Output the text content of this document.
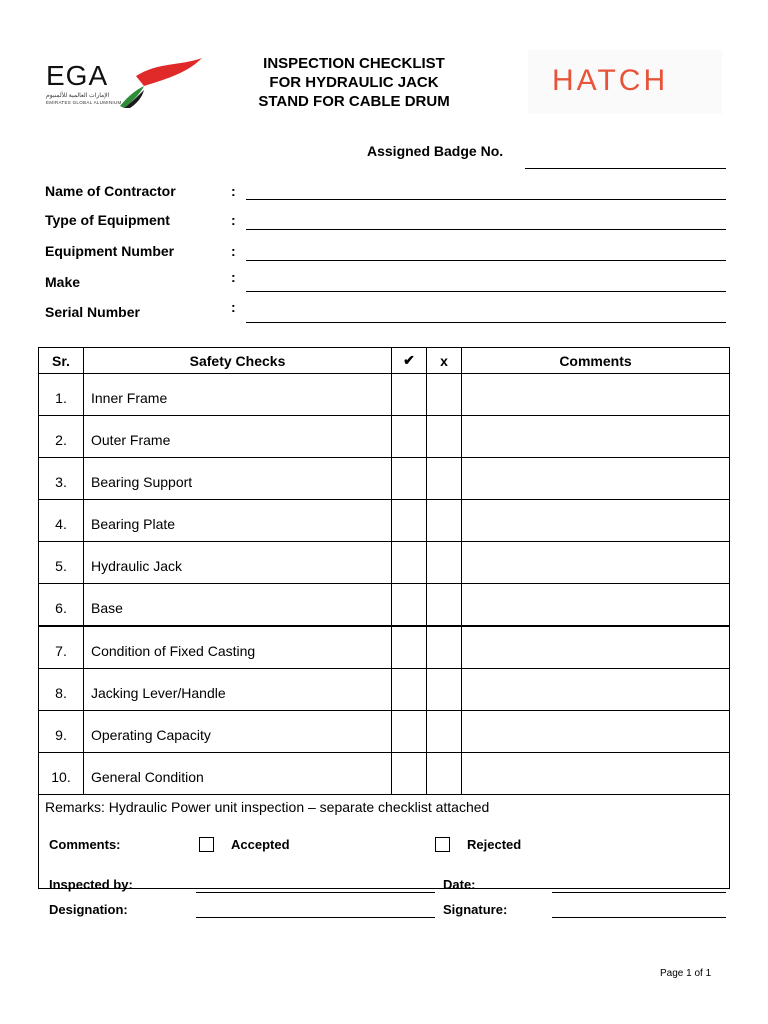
EGA
الإمارات العالمية للألمنيوم
EMIRATES GLOBAL ALUMINIUM
HATCH
INSPECTION CHECKLIST
FOR HYDRAULIC JACK
STAND FOR CABLE DRUM
Assigned Badge No.
Name of Contractor	:
Type of Equipment	:
Equipment Number	:
Make	:
Serial Number	:
Sr.	Safety Checks	✔	x	Comments
1.	Inner Frame			
2.	Outer Frame			
3.	Bearing Support			
4.	Bearing Plate			
5.	Hydraulic Jack			
6.	Base			
7.	Condition of Fixed Casting			
8.	Jacking Lever/Handle			
9.	Operating Capacity			
10.	General Condition			
Remarks: Hydraulic Power unit inspection – separate checklist attached				
Comments:	Accepted	Rejected
Inspected by:	Date:
Designation:	Signature:
Page 1 of 1
